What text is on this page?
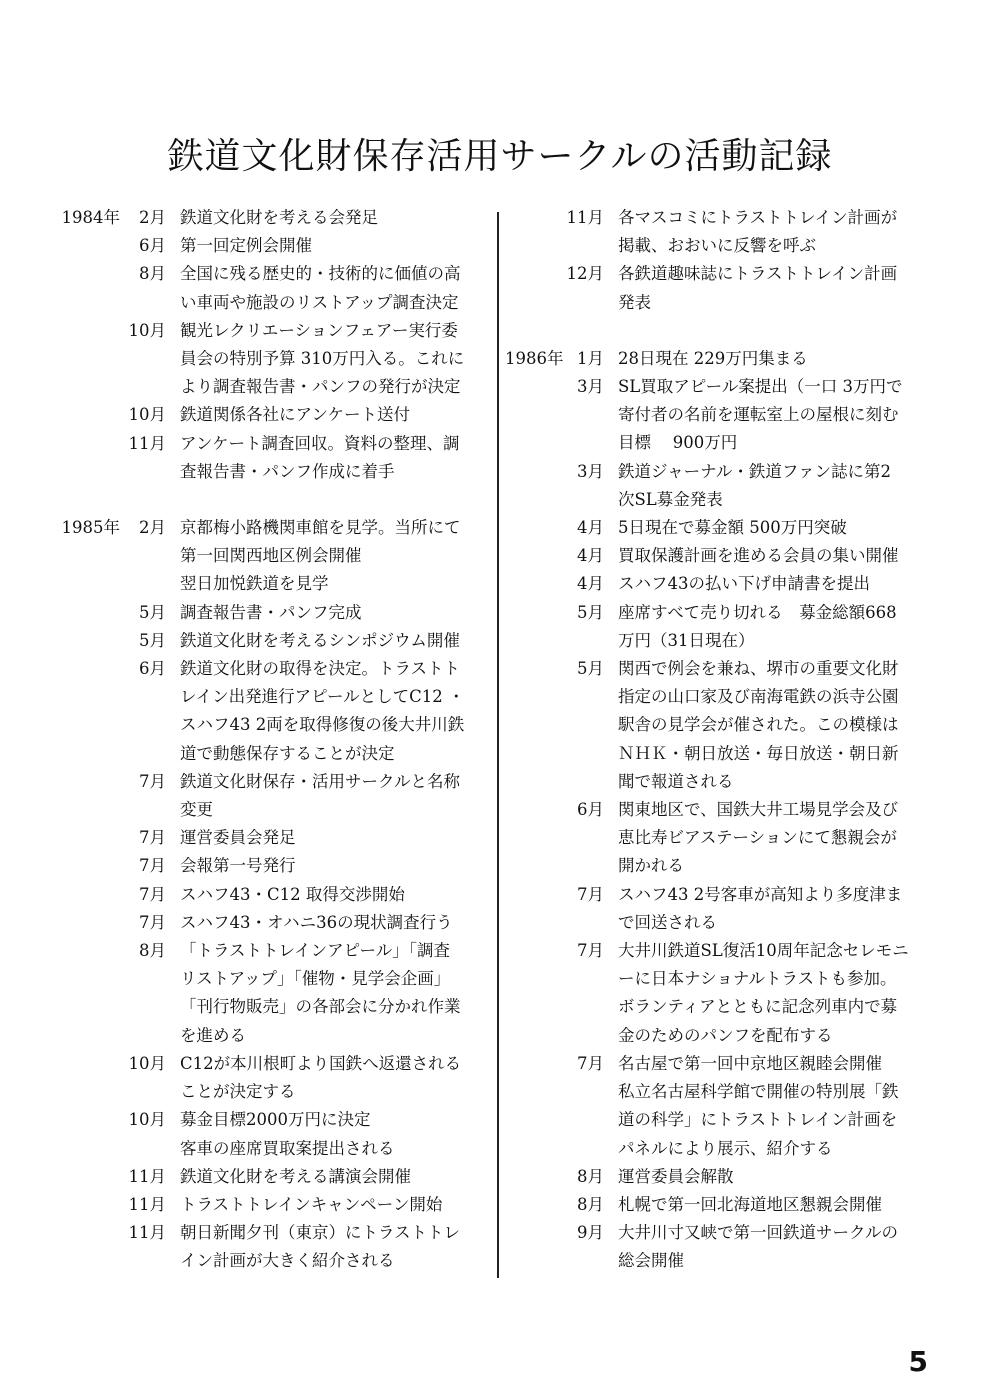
鉄道文化財保存活用サークルの活動記録
1984年	2月 鉄道文化財を考える会発足
6月 第一回定例会開催
8月 全国に残る歴史的・技術的に価値の高
い車両や施設のリストアップ調査決定
10月 観光レクリエーションフェアー実行委
員会の特別予算 310万円入る。これに
より調査報告書・パンフの発行が決定
10月 鉄道関係各社にアンケート送付
11月 アンケート調査回収。資料の整理、調
査報告書・パンフ作成に着手
1985年	2月 京都梅小路機関車館を見学。当所にて
第一回関西地区例会開催
翌日加悦鉄道を見学
5月 調査報告書・パンフ完成
5月 鉄道文化財を考えるシンポジウム開催
6月 鉄道文化財の取得を決定。トラストト
レイン出発進行アピールとしてC12 ・
スハフ43 2両を取得修復の後大井川鉄
道で動態保存することが決定
7月 鉄道文化財保存・活用サークルと名称
変更
7月 運営委員会発足
7月 会報第一号発行
7月 スハフ43・C12 取得交渉開始
7月 スハフ43・オハニ36の現状調査行う
8月 「トラストトレインアピール」「調査
リストアップ」「催物・見学会企画」
「刊行物販売」の各部会に分かれ作業
を進める
10月 C12が本川根町より国鉄へ返還される
ことが決定する
10月 募金目標2000万円に決定
客車の座席買取案提出される
11月 鉄道文化財を考える講演会開催
11月 トラストトレインキャンペーン開始
11月 朝日新聞夕刊（東京）にトラストトレ
イン計画が大きく紹介される
11月 各マスコミにトラストトレイン計画が
掲載、おおいに反響を呼ぶ
12月 各鉄道趣味誌にトラストトレイン計画
発表
1986年 1月 28日現在 229万円集まる
3月 SL買取アピール案提出（一口 3万円で
寄付者の名前を運転室上の屋根に刻む
目標　 900万円
3月 鉄道ジャーナル・鉄道ファン誌に第2
次SL募金発表
4月 5日現在で募金額 500万円突破
4月 買取保護計画を進める会員の集い開催
4月 スハフ43の払い下げ申請書を提出
5月 座席すべて売り切れる　募金総額668
万円（31日現在）
5月 関西で例会を兼ね、堺市の重要文化財
指定の山口家及び南海電鉄の浜寺公園
駅舎の見学会が催された。この模様は
ＮＨＫ・朝日放送・毎日放送・朝日新
聞で報道される
6月 関東地区で、国鉄大井工場見学会及び
恵比寿ビアステーションにて懇親会が
開かれる
7月 スハフ43 2号客車が高知より多度津ま
で回送される
7月 大井川鉄道SL復活10周年記念セレモニ
ーに日本ナショナルトラストも参加。
ボランティアとともに記念列車内で募
金のためのパンフを配布する
7月 名古屋で第一回中京地区親睦会開催
私立名古屋科学館で開催の特別展「鉄
道の科学」にトラストトレイン計画を
パネルにより展示、紹介する
8月 運営委員会解散
8月 札幌で第一回北海道地区懇親会開催
9月 大井川寸又峡で第一回鉄道サークルの
総会開催
5
